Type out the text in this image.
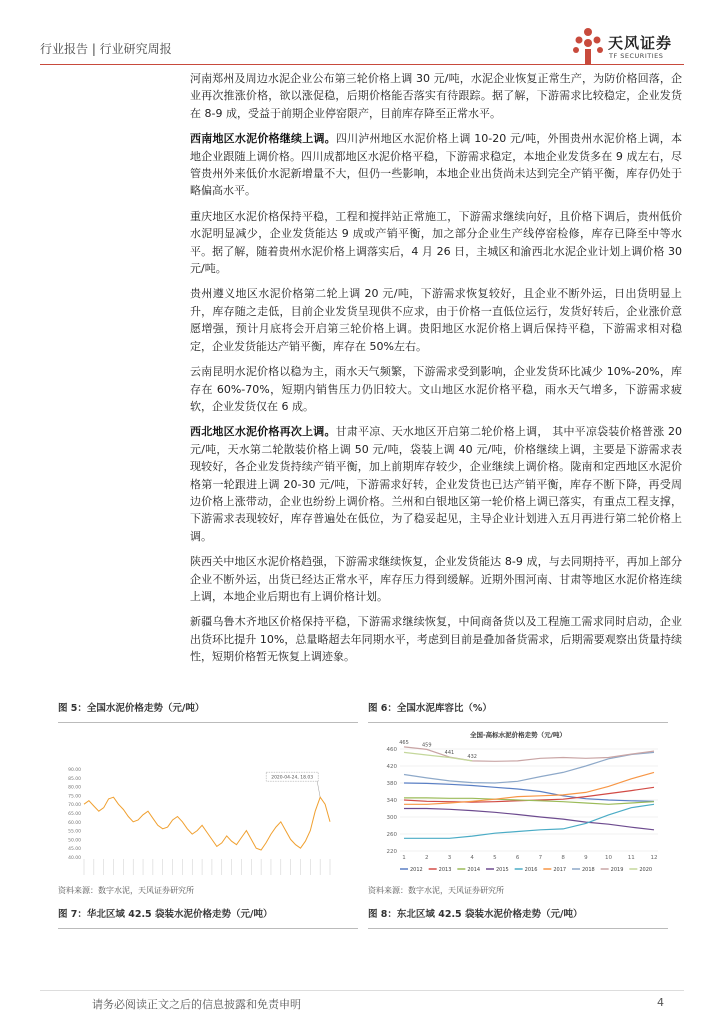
行业报告 | 行业研究周报	天风证券
TF SECURITIES

河南郑州及周边水泥企业公布第三轮价格上调 30 元/吨，水泥企业恢复正常生产，为防价格回落，企业再次推涨价格，欲以涨促稳，后期价格能否落实有待跟踪。据了解，下游需求比较稳定，企业发货在 8-9 成，受益于前期企业停窑限产，目前库存降至正常水平。

西南地区水泥价格继续上调。四川泸州地区水泥价格上调 10-20 元/吨，外围贵州水泥价格上调，本地企业跟随上调价格。四川成都地区水泥价格平稳，下游需求稳定，本地企业发货多在 9 成左右，尽管贵州外来低价水泥新增量不大，但仍一些影响，本地企业出货尚未达到完全产销平衡，库存仍处于略偏高水平。

重庆地区水泥价格保持平稳，工程和搅拌站正常施工，下游需求继续向好，且价格下调后，贵州低价水泥明显减少，企业发货能达 9 成或产销平衡，加之部分企业生产线停窑检修，库存已降至中等水平。据了解，随着贵州水泥价格上调落实后，4 月 26 日，主城区和渝西北水泥企业计划上调价格 30 元/吨。

贵州遵义地区水泥价格第二轮上调 20 元/吨，下游需求恢复较好，且企业不断外运，日出货明显上升，库存随之走低，目前企业发货呈现供不应求，由于价格一直低位运行，发货好转后，企业涨价意愿增强，预计月底将会开启第三轮价格上调。贵阳地区水泥价格上调后保持平稳，下游需求相对稳定，企业发货能达产销平衡，库存在 50%左右。

云南昆明水泥价格以稳为主，雨水天气频繁，下游需求受到影响，企业发货环比减少 10%-20%，库存在 60%-70%，短期内销售压力仍旧较大。文山地区水泥价格平稳，雨水天气增多，下游需求疲软，企业发货仅在 6 成。

西北地区水泥价格再次上调。甘肃平凉、天水地区开启第二轮价格上调， 其中平凉袋装价格普涨 20 元/吨，天水第二轮散装价格上调 50 元/吨，袋装上调 40 元/吨，价格继续上调，主要是下游需求表现较好，各企业发货持续产销平衡，加上前期库存较少，企业继续上调价格。陇南和定西地区水泥价格第一轮跟进上调 20-30 元/吨，下游需求好转，企业发货也已达产销平衡，库存不断下降，再受周边价格上涨带动，企业也纷纷上调价格。兰州和白银地区第一轮价格上调已落实，有重点工程支撑，下游需求表现较好，库存普遍处在低位，为了稳妥起见，主导企业计划进入五月再进行第二轮价格上调。

陕西关中地区水泥价格趋强，下游需求继续恢复，企业发货能达 8-9 成，与去同期持平，再加上部分企业不断外运，出货已经达正常水平，库存压力得到缓解。近期外围河南、甘肃等地区水泥价格连续上调，本地企业后期也有上调价格计划。

新疆乌鲁木齐地区价格保持平稳，下游需求继续恢复，中间商备货以及工程施工需求同时启动，企业出货环比提升 10%，总量略超去年同期水平，考虑到目前是叠加备货需求，后期需要观察出货量持续性，短期价格暂无恢复上调迹象。

图 5：全国水泥价格走势（元/吨）
90.00
85.00
80.00
75.00
70.00
65.00
60.00
55.00
50.00
45.00
40.00
2020-04-24, 18.03
资料来源：数字水泥，天风证券研究所
图 6：全国水泥库容比（%）
全国-高标水泥价格走势（元/吨）
460
420
380
340
300
260
220
1	2	3	4	5	6	7	8	9	10	11	12
465	459
441
432
2012	2013	2014	2015	2016	2017	2018	2019	2020
资料来源：数字水泥，天风证券研究所
图 7：华北区域 42.5 袋装水泥价格走势（元/吨）	图 8：东北区域 42.5 袋装水泥价格走势（元/吨）
请务必阅读正文之后的信息披露和免责申明	4
